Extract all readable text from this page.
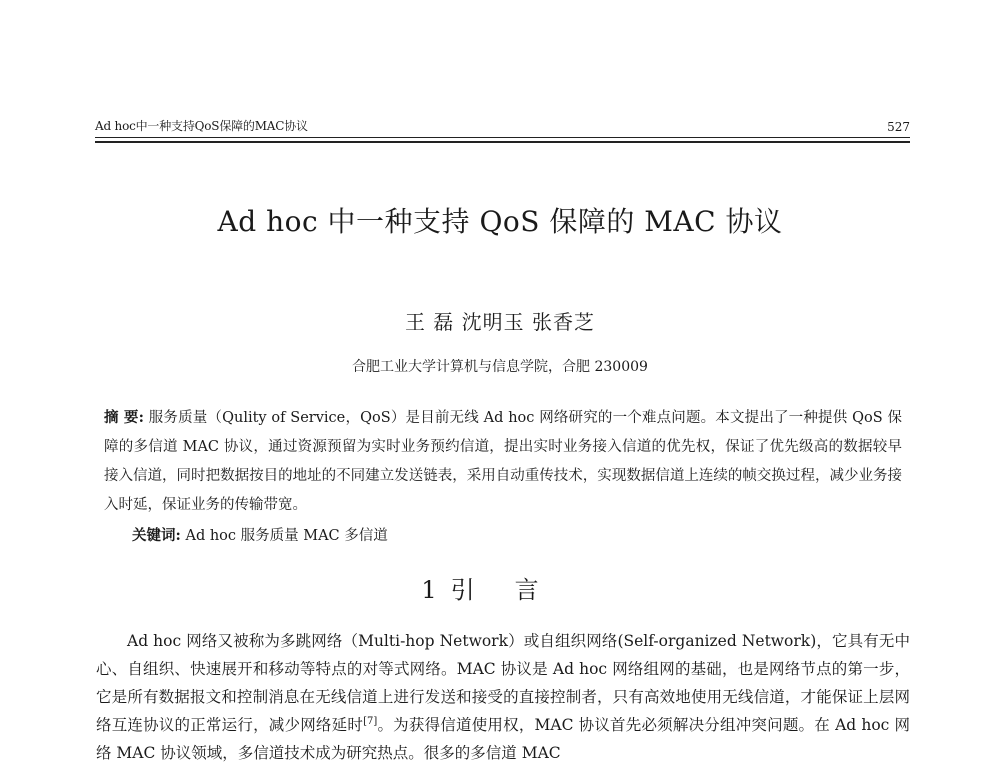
Ad hoc中一种支持QoS保障的MAC协议	527
Ad hoc 中一种支持 QoS 保障的 MAC 协议
王 磊 沈明玉 张香芝
合肥工业大学计算机与信息学院，合肥 230009
摘 要: 服务质量（Qulity of Service，QoS）是目前无线 Ad hoc 网络研究的一个难点问题。本文提出了一种提供 QoS 保障的多信道 MAC 协议，通过资源预留为实时业务预约信道，提出实时业务接入信道的优先权，保证了优先级高的数据较早接入信道，同时把数据按目的地址的不同建立发送链表，采用自动重传技术，实现数据信道上连续的帧交换过程，减少业务接入时延，保证业务的传输带宽。
关键词: Ad hoc 服务质量 MAC 多信道
1 引言

Ad hoc 网络又被称为多跳网络（Multi-hop Network）或自组织网络(Self-organized Network)，它具有无中心、自组织、快速展开和移动等特点的对等式网络。MAC 协议是 Ad hoc 网络组网的基础，也是网络节点的第一步，它是所有数据报文和控制消息在无线信道上进行发送和接受的直接控制者，只有高效地使用无线信道，才能保证上层网络互连协议的正常运行，减少网络延时[7]。为获得信道使用权，MAC 协议首先必须解决分组冲突问题。在 Ad hoc 网络 MAC 协议领域，多信道技术成为研究热点。很多的多信道 MAC
